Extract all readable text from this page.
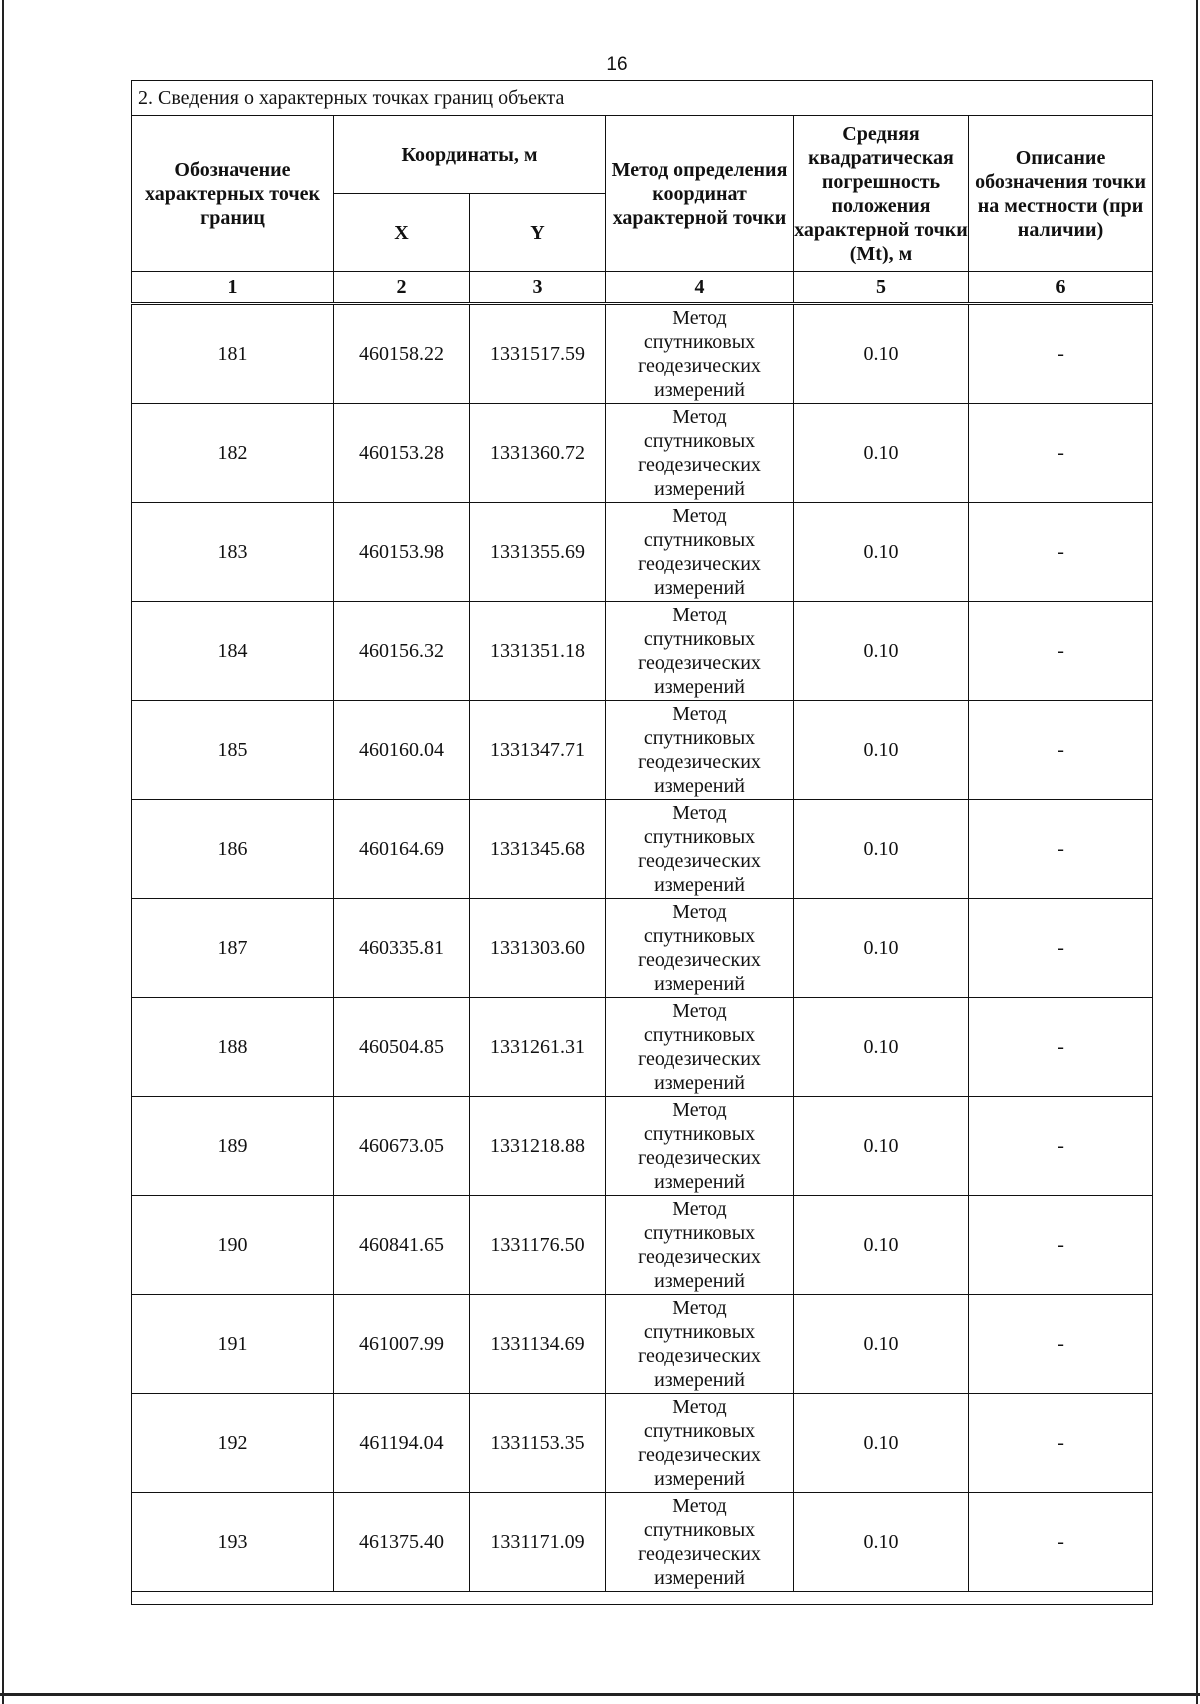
16
2. Сведения о характерных точках границ объекта					
Обозначение характерных точек границ	Координаты, м		Метод определения координат характерной точки	Средняя квадратическая погрешность положения характерной точки (Mt), м	Описание обозначения точки на местности (при наличии)
	X	Y			
1	2	3	4	5	6
181	460158.22	1331517.59	Метод
спутниковых
геодезических
измерений	0.10	-
182	460153.28	1331360.72	Метод
спутниковых
геодезических
измерений	0.10	-
183	460153.98	1331355.69	Метод
спутниковых
геодезических
измерений	0.10	-
184	460156.32	1331351.18	Метод
спутниковых
геодезических
измерений	0.10	-
185	460160.04	1331347.71	Метод
спутниковых
геодезических
измерений	0.10	-
186	460164.69	1331345.68	Метод
спутниковых
геодезических
измерений	0.10	-
187	460335.81	1331303.60	Метод
спутниковых
геодезических
измерений	0.10	-
188	460504.85	1331261.31	Метод
спутниковых
геодезических
измерений	0.10	-
189	460673.05	1331218.88	Метод
спутниковых
геодезических
измерений	0.10	-
190	460841.65	1331176.50	Метод
спутниковых
геодезических
измерений	0.10	-
191	461007.99	1331134.69	Метод
спутниковых
геодезических
измерений	0.10	-
192	461194.04	1331153.35	Метод
спутниковых
геодезических
измерений	0.10	-
193	461375.40	1331171.09	Метод
спутниковых
геодезических
измерений	0.10	-
